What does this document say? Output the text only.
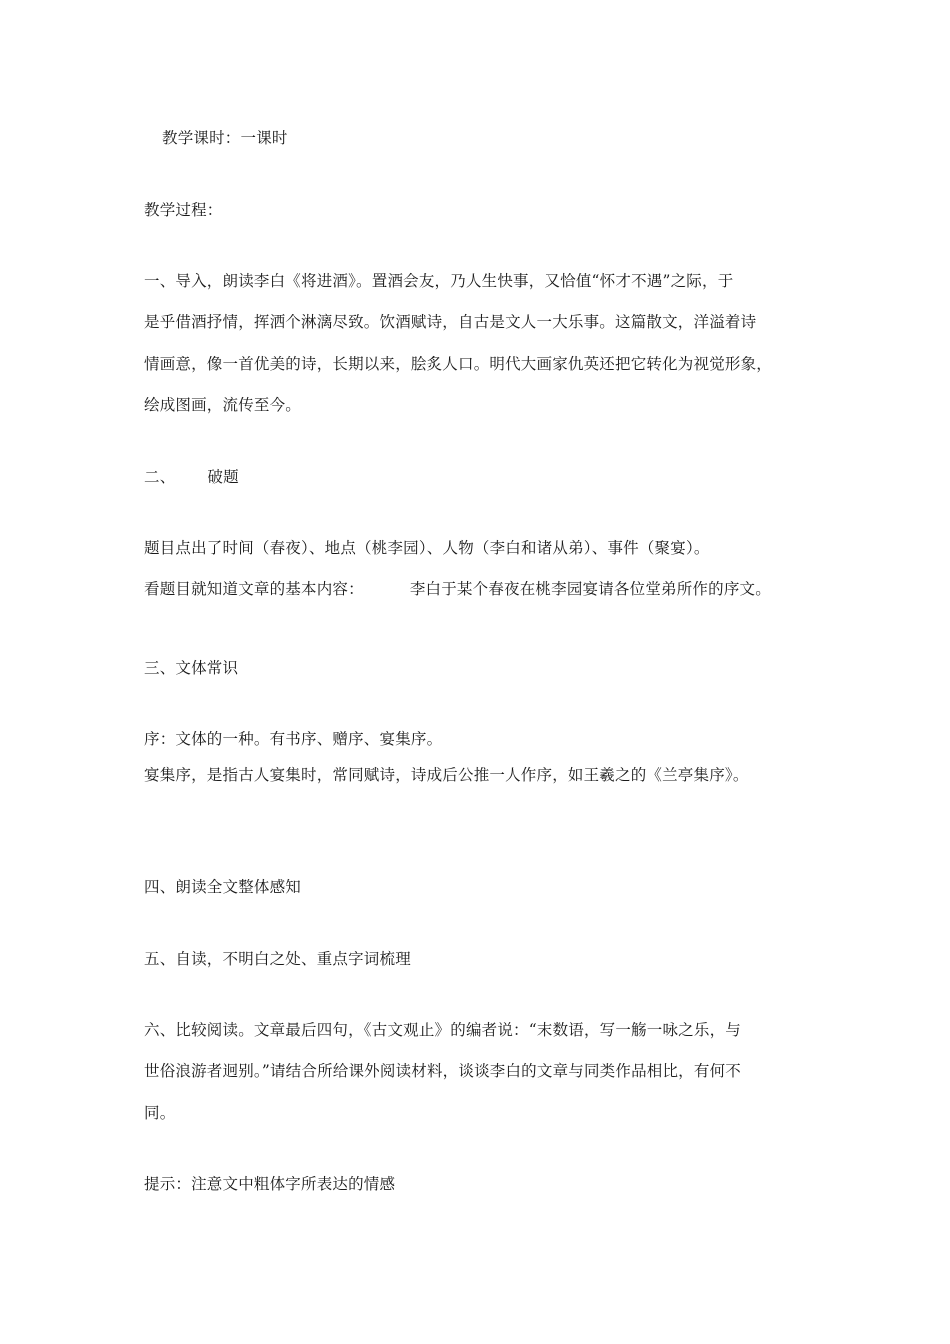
教学课时：一课时
教学过程：
一、导入，朗读李白《将进酒》。置酒会友，乃人生快事，又恰值“怀才不遇”之际，于
是乎借酒抒情，挥洒个淋漓尽致。饮酒赋诗，自古是文人一大乐事。这篇散文，洋溢着诗
情画意，像一首优美的诗，长期以来，脍炙人口。明代大画家仇英还把它转化为视觉形象，
绘成图画，流传至今。
二、 破题
题目点出了时间（春夜）、地点（桃李园）、人物（李白和诸从弟）、事件（聚宴）。
看题目就知道文章的基本内容：	李白于某个春夜在桃李园宴请各位堂弟所作的序文。
三、文体常识
序：文体的一种。有书序、赠序、宴集序。
宴集序，是指古人宴集时，常同赋诗，诗成后公推一人作序，如王羲之的《兰亭集序》。
四、朗读全文整体感知
五、自读，不明白之处、重点字词梳理
六、比较阅读。文章最后四句，《古文观止》的编者说：“末数语，写一觞一咏之乐，与
世俗浪游者迥别。”请结合所给课外阅读材料，谈谈李白的文章与同类作品相比，有何不
同。
提示：注意文中粗体字所表达的情感
